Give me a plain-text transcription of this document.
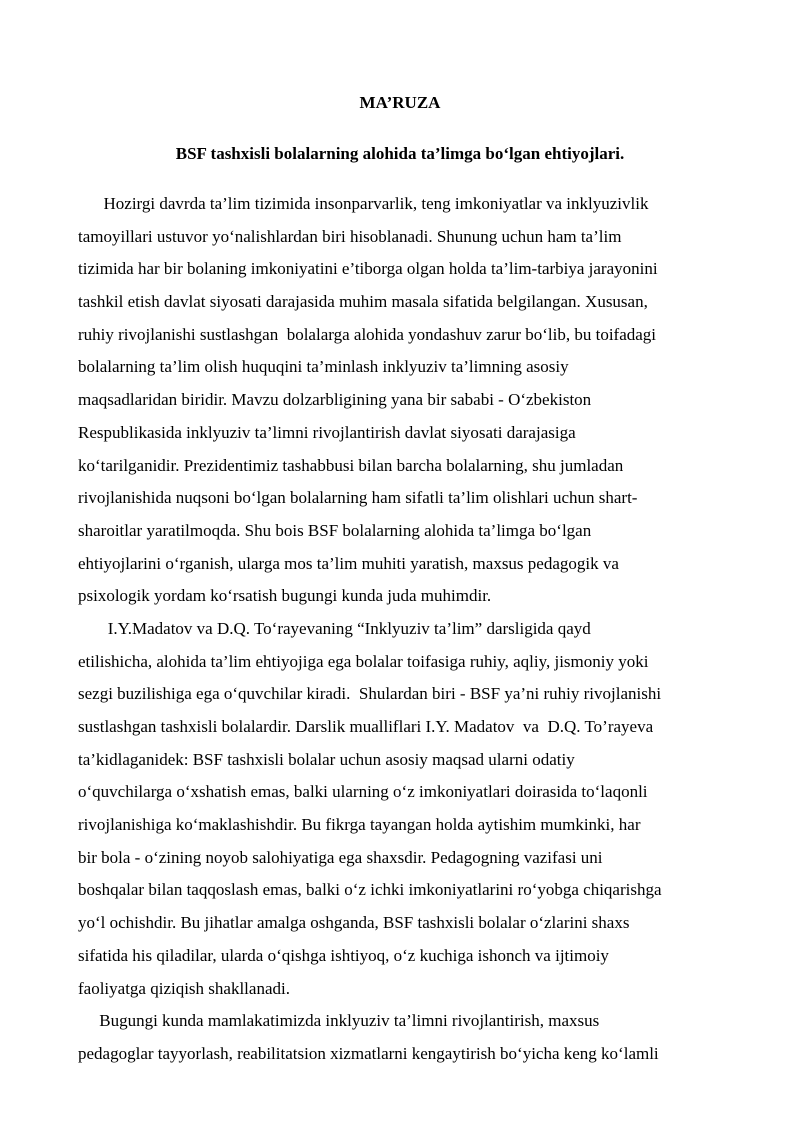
MA’RUZA
BSF tashxisli bolalarning alohida ta’limga bo‘lgan ehtiyojlari.
Hozirgi davrda ta’lim tizimida insonparvarlik, teng imkoniyatlar va inklyuzivlik
tamoyillari ustuvor yo‘nalishlardan biri hisoblanadi. Shunung uchun ham ta’lim
tizimida har bir bolaning imkoniyatini e’tiborga olgan holda ta’lim-tarbiya jarayonini
tashkil etish davlat siyosati darajasida muhim masala sifatida belgilangan. Xususan,
ruhiy rivojlanishi sustlashgan  bolalarga alohida yondashuv zarur bo‘lib, bu toifadagi
bolalarning ta’lim olish huquqini ta’minlash inklyuziv ta’limning asosiy
maqsadlaridan biridir. Mavzu dolzarbligining yana bir sababi - O‘zbekiston
Respublikasida inklyuziv ta’limni rivojlantirish davlat siyosati darajasiga
ko‘tarilganidir. Prezidentimiz tashabbusi bilan barcha bolalarning, shu jumladan
rivojlanishida nuqsoni bo‘lgan bolalarning ham sifatli ta’lim olishlari uchun shart-
sharoitlar yaratilmoqda. Shu bois BSF bolalarning alohida ta’limga bo‘lgan
ehtiyojlarini o‘rganish, ularga mos ta’lim muhiti yaratish, maxsus pedagogik va
psixologik yordam ko‘rsatish bugungi kunda juda muhimdir.
I.Y.Madatov va D.Q. To‘rayevaning “Inklyuziv ta’lim” darsligida qayd
etilishicha, alohida ta’lim ehtiyojiga ega bolalar toifasiga ruhiy, aqliy, jismoniy yoki
sezgi buzilishiga ega o‘quvchilar kiradi.  Shulardan biri - BSF ya’ni ruhiy rivojlanishi
sustlashgan tashxisli bolalardir. Darslik mualliflari I.Y. Madatov  va  D.Q. To’rayeva
ta’kidlaganidek: BSF tashxisli bolalar uchun asosiy maqsad ularni odatiy
o‘quvchilarga o‘xshatish emas, balki ularning o‘z imkoniyatlari doirasida to‘laqonli
rivojlanishiga ko‘maklashishdir. Bu fikrga tayangan holda aytishim mumkinki, har
bir bola - o‘zining noyob salohiyatiga ega shaxsdir. Pedagogning vazifasi uni
boshqalar bilan taqqoslash emas, balki o‘z ichki imkoniyatlarini ro‘yobga chiqarishga
yo‘l ochishdir. Bu jihatlar amalga oshganda, BSF tashxisli bolalar o‘zlarini shaxs
sifatida his qiladilar, ularda o‘qishga ishtiyoq, o‘z kuchiga ishonch va ijtimoiy
faoliyatga qiziqish shakllanadi.
Bugungi kunda mamlakatimizda inklyuziv ta’limni rivojlantirish, maxsus
pedagoglar tayyorlash, reabilitatsion xizmatlarni kengaytirish bo‘yicha keng ko‘lamli
